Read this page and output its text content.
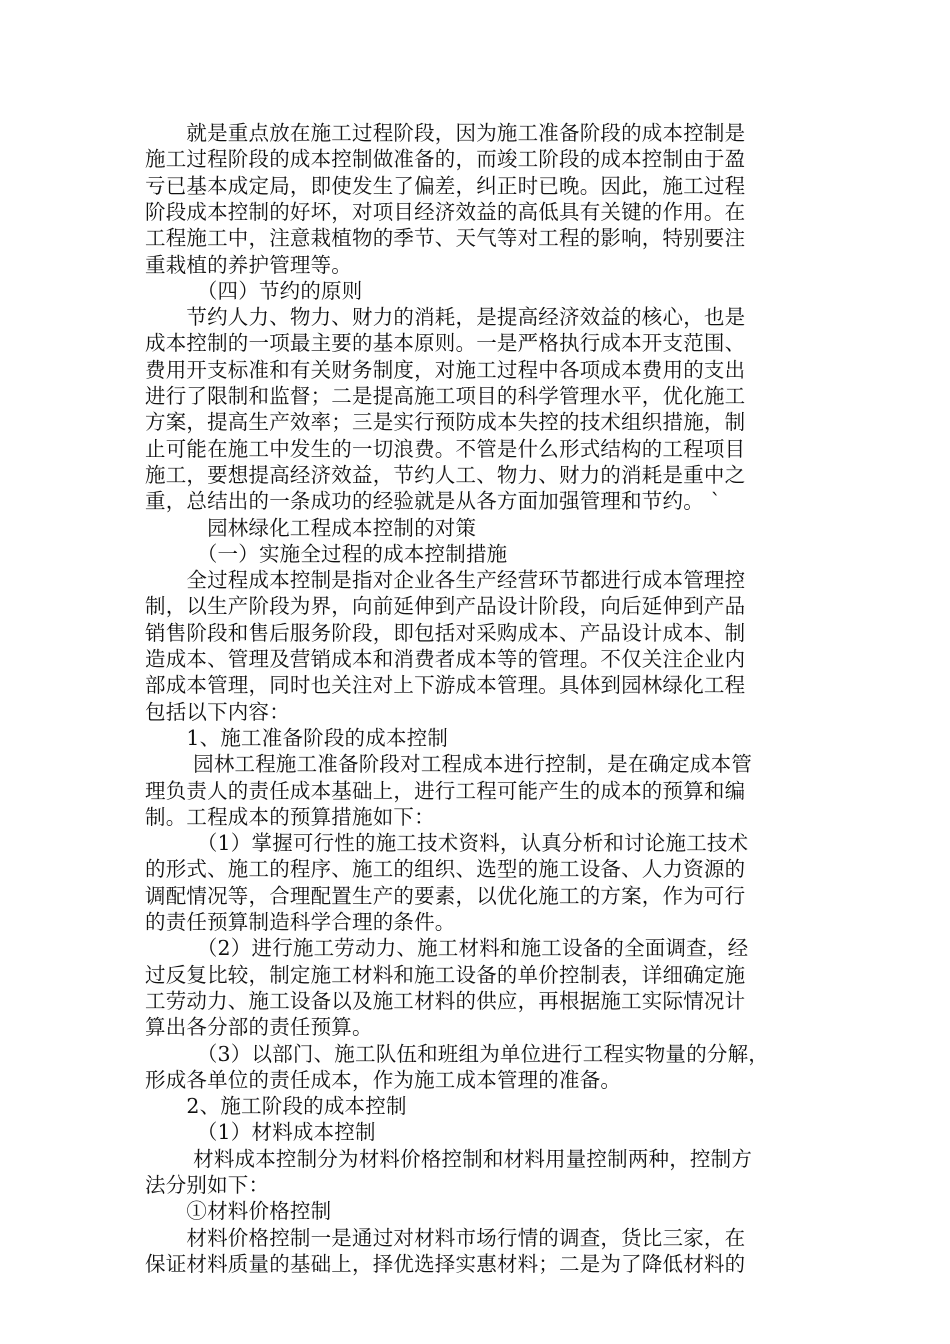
　　就是重点放在施工过程阶段，因为施工准备阶段的成本控制是
施工过程阶段的成本控制做准备的，而竣工阶段的成本控制由于盈
亏已基本成定局，即使发生了偏差，纠正时已晚。因此，施工过程
阶段成本控制的好坏，对项目经济效益的高低具有关键的作用。在
工程施工中，注意栽植物的季节、天气等对工程的影响，特别要注
重栽植的养护管理等。
　　　（四）节约的原则
　　节约人力、物力、财力的消耗，是提高经济效益的核心，也是
成本控制的一项最主要的基本原则。一是严格执行成本开支范围、
费用开支标准和有关财务制度，对施工过程中各项成本费用的支出
进行了限制和监督；二是提高施工项目的科学管理水平，优化施工
方案，提高生产效率；三是实行预防成本失控的技术组织措施，制
止可能在施工中发生的一切浪费。不管是什么形式结构的工程项目
施工，要想提高经济效益，节约人工、物力、财力的消耗是重中之
重，总结出的一条成功的经验就是从各方面加强管理和节约。 `
　　　园林绿化工程成本控制的对策
　　　（一）实施全过程的成本控制措施
　　全过程成本控制是指对企业各生产经营环节都进行成本管理控
制，以生产阶段为界，向前延伸到产品设计阶段，向后延伸到产品
销售阶段和售后服务阶段，即包括对采购成本、产品设计成本、制
造成本、管理及营销成本和消费者成本等的管理。不仅关注企业内
部成本管理，同时也关注对上下游成本管理。具体到园林绿化工程
包括以下内容：
　　1、施工准备阶段的成本控制
　　 园林工程施工准备阶段对工程成本进行控制，是在确定成本管
理负责人的责任成本基础上，进行工程可能产生的成本的预算和编
制。工程成本的预算措施如下：
　　　（1）掌握可行性的施工技术资料，认真分析和讨论施工技术
的形式、施工的程序、施工的组织、选型的施工设备、人力资源的
调配情况等，合理配置生产的要素，以优化施工的方案，作为可行
的责任预算制造科学合理的条件。
　　　（2）进行施工劳动力、施工材料和施工设备的全面调查，经
过反复比较，制定施工材料和施工设备的单价控制表，详细确定施
工劳动力、施工设备以及施工材料的供应，再根据施工实际情况计
算出各分部的责任预算。
　　　（3）以部门、施工队伍和班组为单位进行工程实物量的分解，
形成各单位的责任成本，作为施工成本管理的准备。
　　2、施工阶段的成本控制
　　　（1）材料成本控制
　　 材料成本控制分为材料价格控制和材料用量控制两种，控制方
法分别如下：
　　①材料价格控制
　　材料价格控制一是通过对材料市场行情的调查，货比三家，在
保证材料质量的基础上，择优选择实惠材料；二是为了降低材料的
